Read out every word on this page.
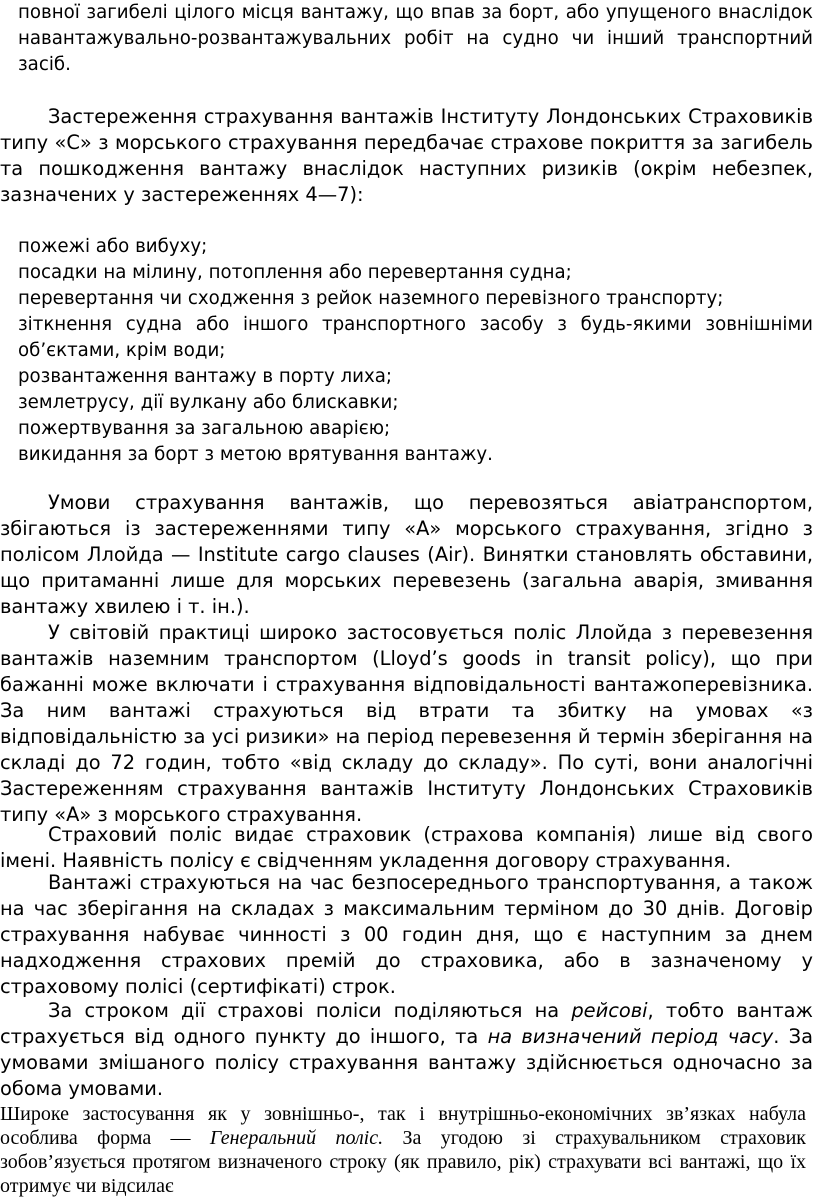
повної загибелі цілого місця вантажу, що впав за борт, або упущеного внаслідок навантажувально-розвантажувальних робіт на судно чи інший транспортний засіб.

Застереження страхування вантажів Інституту Лондонських Страховиків типу «С» з морського страхування передбачає страхове покриття за загибель та пошкодження вантажу внаслідок наступних ризиків (окрім небезпек, зазначених у застереженнях 4—7):

пожежі або вибуху;
посадки на мілину, потоплення або перевертання судна;
перевертання чи сходження з рейок наземного перевізного транспорту;
зіткнення судна або іншого транспортного засобу з будь-якими зовнішніми об’єктами, крім води;
розвантаження вантажу в порту лиха;
землетрусу, дії вулкану або блискавки;
пожертвування за загальною аварією;
викидання за борт з метою врятування вантажу.

Умови страхування вантажів, що перевозяться авіатранспортом, збігаються із застереженнями типу «А» морського страхування, згідно з полісом Ллойда — Institute cargo clauses (Air). Винятки становлять обставини, що притаманні лише для морських перевезень (загальна аварія, змивання вантажу хвилею і т. ін.).

У світовій практиці широко застосовується поліс Ллойда з перевезення вантажів наземним транспортом (Lloyd’s goods in transit policy), що при бажанні може включати і страхування відповідальності вантажоперевізника. За ним вантажі страхуються від втрати та збитку на умовах «з відповідальністю за усі ризики» на період перевезення й термін зберігання на складі до 72 годин, тобто «від складу до складу». По суті, вони аналогічні Застереженням страхування вантажів Інституту Лондонських Страховиків типу «А» з морського страхування.

Страховий поліс видає страховик (страхова компанія) лише від свого імені. Наявність полісу є свідченням укладення договору страхування.

Вантажі страхуються на час безпосереднього транспортування, а також на час зберігання на складах з максимальним терміном до 30 днів. Договір страхування набуває чинності з 00 годин дня, що є наступним за днем надходження страхових премій до страховика, або в зазначеному у страховому полісі (сертифікаті) строк.

За строком дії страхові поліси поділяються на рейсові, тобто вантаж страхується від одного пункту до іншого, та на визначений період часу. За умовами змішаного полісу страхування вантажу здійснюється одночасно за обома умовами.

Широке застосування як у зовнішньо-, так і внутрішньо-економічних зв’язках набула особлива форма — Генеральний поліс. За угодою зі страхувальником страховик зобов’язується протягом визначеного строку (як правило, рік) страхувати всі вантажі, що їх отримує чи відсилає
